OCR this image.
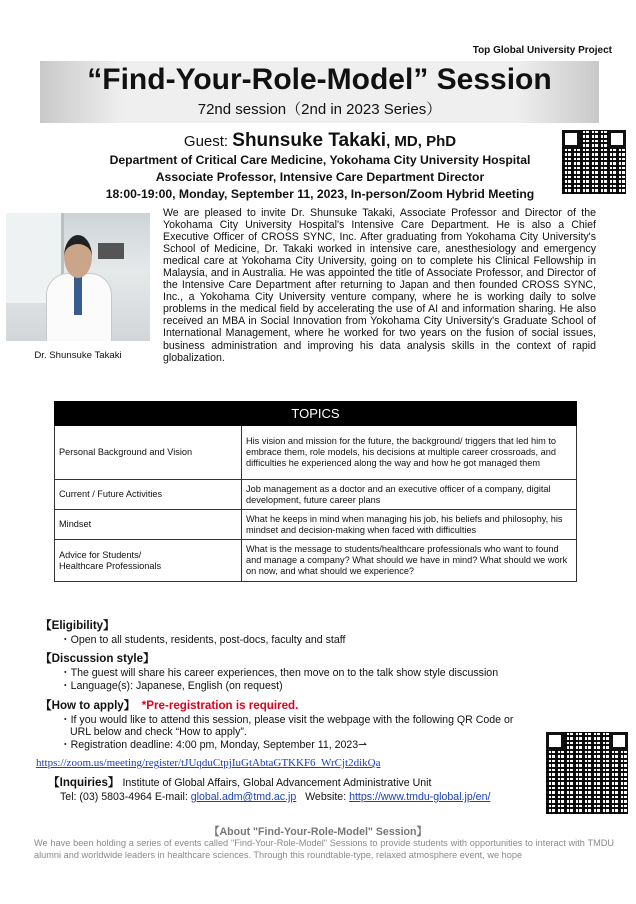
Top Global University Project
“Find-Your-Role-Model” Session
72nd session（2nd in 2023 Series）
Guest: Shunsuke Takaki, MD, PhD
Department of Critical Care Medicine, Yokohama City University Hospital
Associate Professor, Intensive Care Department Director
18:00-19:00, Monday, September 11, 2023, In-person/Zoom Hybrid Meeting
Dr. Shunsuke Takaki
We are pleased to invite Dr. Shunsuke Takaki, Associate Professor and Director of the Yokohama City University Hospital's Intensive Care Department. He is also a Chief Executive Officer of CROSS SYNC, Inc. After graduating from Yokohama City University's School of Medicine, Dr. Takaki worked in intensive care, anesthesiology and emergency medical care at Yokohama City University, going on to complete his Clinical Fellowship in Malaysia, and in Australia. He was appointed the title of Associate Professor, and Director of the Intensive Care Department after returning to Japan and then founded CROSS SYNC, Inc., a Yokohama City University venture company, where he is working daily to solve problems in the medical field by accelerating the use of AI and information sharing. He also received an MBA in Social Innovation from Yokohama City University's Graduate School of International Management, where he worked for two years on the fusion of social issues, business administration and improving his data analysis skills in the context of rapid globalization.
TOPICS	
Personal Background and Vision	His vision and mission for the future, the background/ triggers that led him to embrace them, role models, his decisions at multiple career crossroads, and difficulties he experienced along the way and how he got managed them
Current / Future Activities	Job management as a doctor and an executive officer of a company, digital development, future career plans
Mindset	What he keeps in mind when managing his job, his beliefs and philosophy, his mindset and decision-making when faced with difficulties
Advice for Students/
Healthcare Professionals	What is the message to students/healthcare professionals who want to found and manage a company? What should we have in mind? What should we work on now, and what should we experience?
【Eligibility】
・Open to all students, residents, post-docs, faculty and staff
【Discussion style】
・The guest will share his career experiences, then move on to the talk show style discussion
・Language(s): Japanese, English (on request)
【How to apply】 *Pre-registration is required.
・If you would like to attend this session, please visit the webpage with the following QR Code or
URL below and check “How to apply”.
・Registration deadline: 4:00 pm, Monday, September 11, 2023⇀
https://zoom.us/meeting/register/tJUqduCtpjIuGtAbtaGTKKF6_WrCjt2dikQa
【Inquiries】 Institute of Global Affairs, Global Advancement Administrative Unit
Tel: (03) 5803-4964 E-mail: global.adm@tmd.ac.jp   Website: https://www.tmdu-global.jp/en/
【About "Find-Your-Role-Model" Session】
We have been holding a series of events called "Find-Your-Role-Model" Sessions to provide students with opportunities to interact with TMDU alumni and worldwide leaders in healthcare sciences. Through this roundtable-type, relaxed atmosphere event, we hope
